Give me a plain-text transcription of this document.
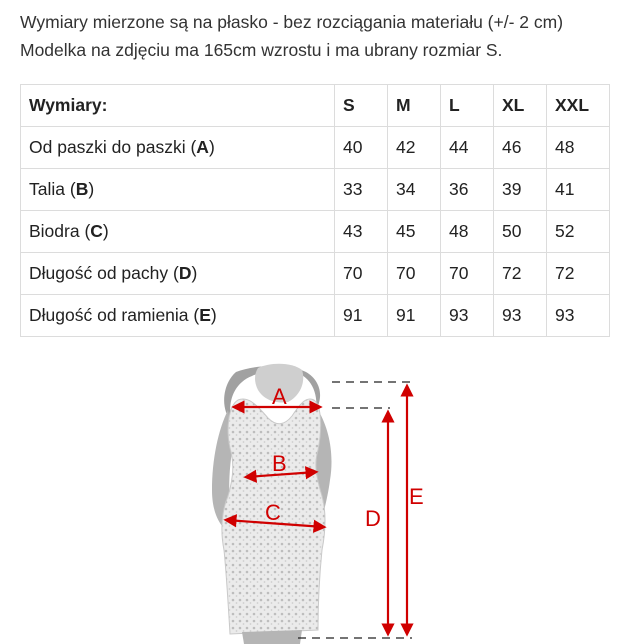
Wymiary mierzone są na płasko - bez rozciągania materiału (+/- 2 cm)
Modelka na zdjęciu ma 165cm wzrostu i ma ubrany rozmiar S.
Wymiary:	S	M	L	XL	XXL
Od paszki do paszki (A)	40	42	44	46	48
Talia (B)	33	34	36	39	41
Biodra (C)	43	45	48	50	52
Długość od pachy (D)	70	70	70	72	72
Długość od ramienia (E)	91	91	93	93	93
A
B
C	D
E
